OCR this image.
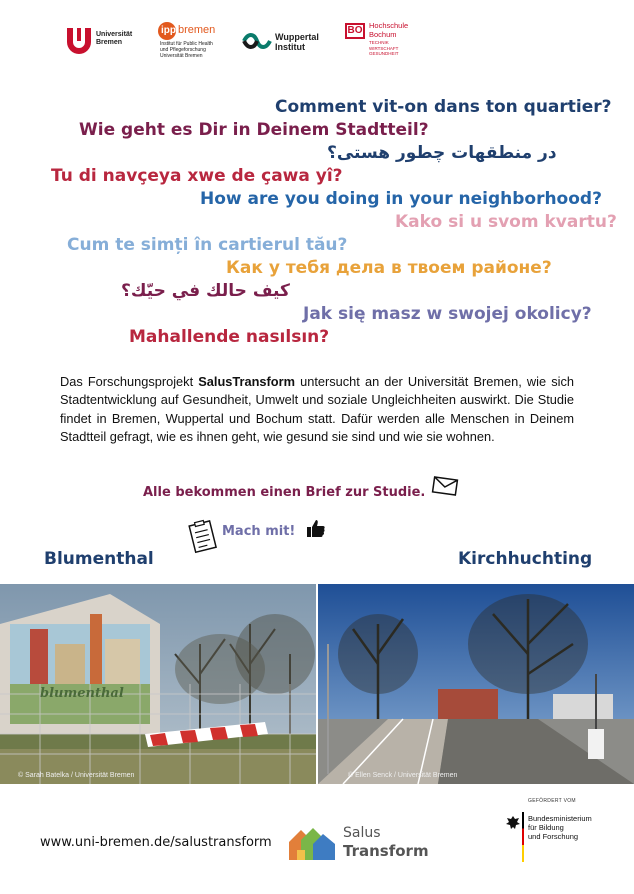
Universität
Bremen
ipp bremen
Institut für Public Health
und Pflegeforschung
Universität Bremen
Wuppertal
Institut
BO Hochschule
Bochum
TECHNIK
WIRTSCHAFT
GESUNDHEIT
Comment vit-on dans ton quartier?
Wie geht es Dir in Deinem Stadtteil?
در منطقهات چطور هستی؟
Tu di navçeya xwe de çawa yî?
How are you doing in your neighborhood?
Kako si u svom kvartu?
Cum te simți în cartierul tău?
Как у тебя дела в твоем районе?
كيف حالك في حيّك؟
Jak się masz w swojej okolicy?
Mahallende nasılsın?
Das Forschungsprojekt SalusTransform untersucht an der Universität Bremen, wie sich Stadtentwicklung auf Gesundheit, Umwelt und soziale Ungleichheiten auswirkt. Die Studie findet in Bremen, Wuppertal und Bochum statt. Dafür werden alle Menschen in Deinem Stadtteil gefragt, wie es ihnen geht, wie gesund sie sind und wie sie wohnen.
Alle bekommen einen Brief zur Studie.
Mach mit!
Blumenthal	Kirchhuchting
blumenthal
© Sarah Batelka / Universität Bremen	© Ellen Senck / Universität Bremen
www.uni-bremen.de/salustransform
Salus
Transform
GEFÖRDERT VOM
Bundesministerium
für Bildung
und Forschung
